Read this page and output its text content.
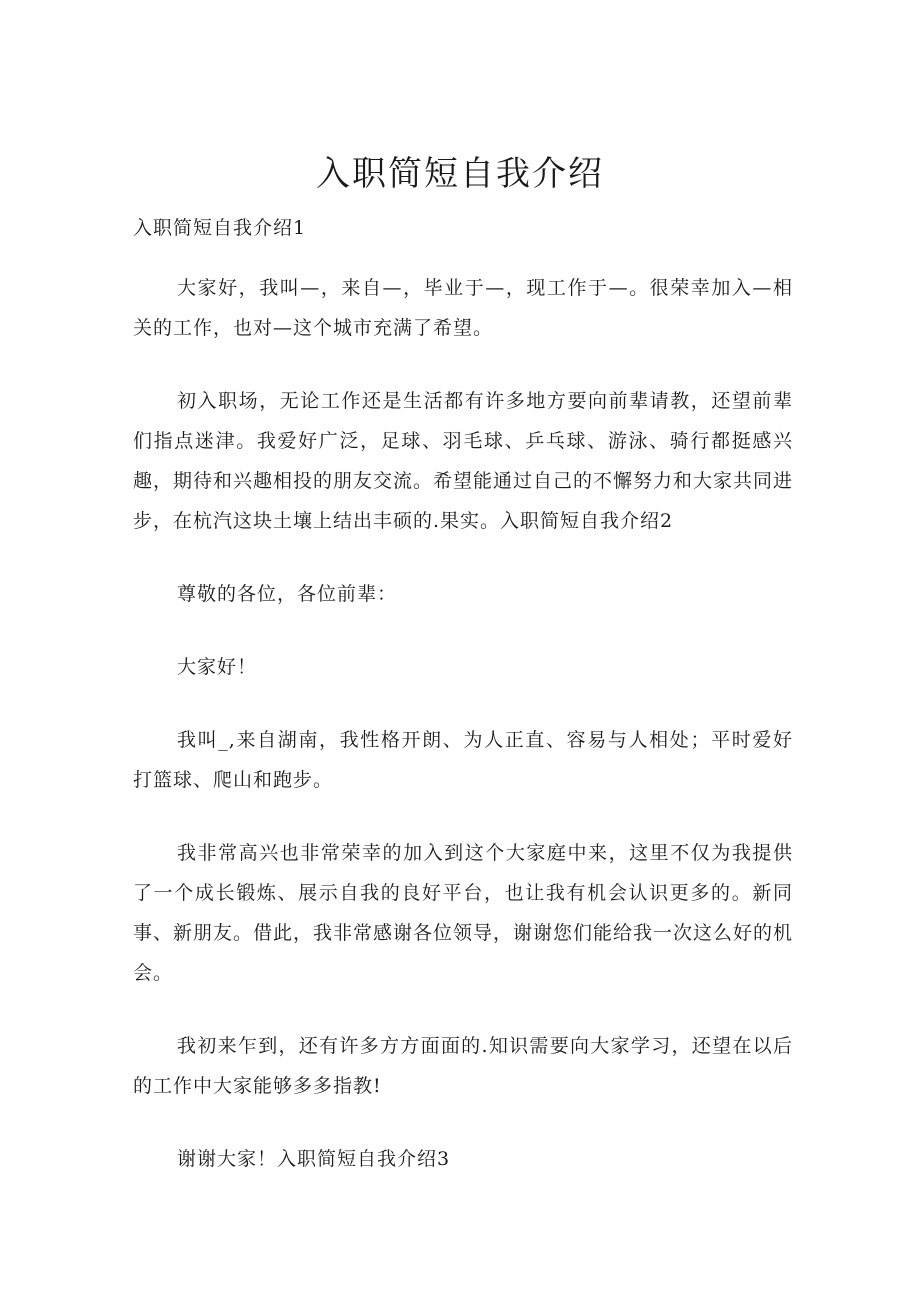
入职简短自我介绍
入职简短自我介绍1

大家好，我叫—，来自—，毕业于—，现工作于—。很荣幸加入—相关的工作，也对—这个城市充满了希望。

初入职场，无论工作还是生活都有许多地方要向前辈请教，还望前辈们指点迷津。我爱好广泛，足球、羽毛球、乒乓球、游泳、骑行都挺感兴趣，期待和兴趣相投的朋友交流。希望能通过自己的不懈努力和大家共同进步，在杭汽这块土壤上结出丰硕的.果实。入职简短自我介绍2

尊敬的各位，各位前辈：

大家好！

我叫_,来自湖南，我性格开朗、为人正直、容易与人相处；平时爱好打篮球、爬山和跑步。

我非常高兴也非常荣幸的加入到这个大家庭中来，这里不仅为我提供了一个成长锻炼、展示自我的良好平台，也让我有机会认识更多的。新同事、新朋友。借此，我非常感谢各位领导，谢谢您们能给我一次这么好的机会。

我初来乍到，还有许多方方面面的.知识需要向大家学习，还望在以后的工作中大家能够多多指教!

谢谢大家！入职简短自我介绍3
